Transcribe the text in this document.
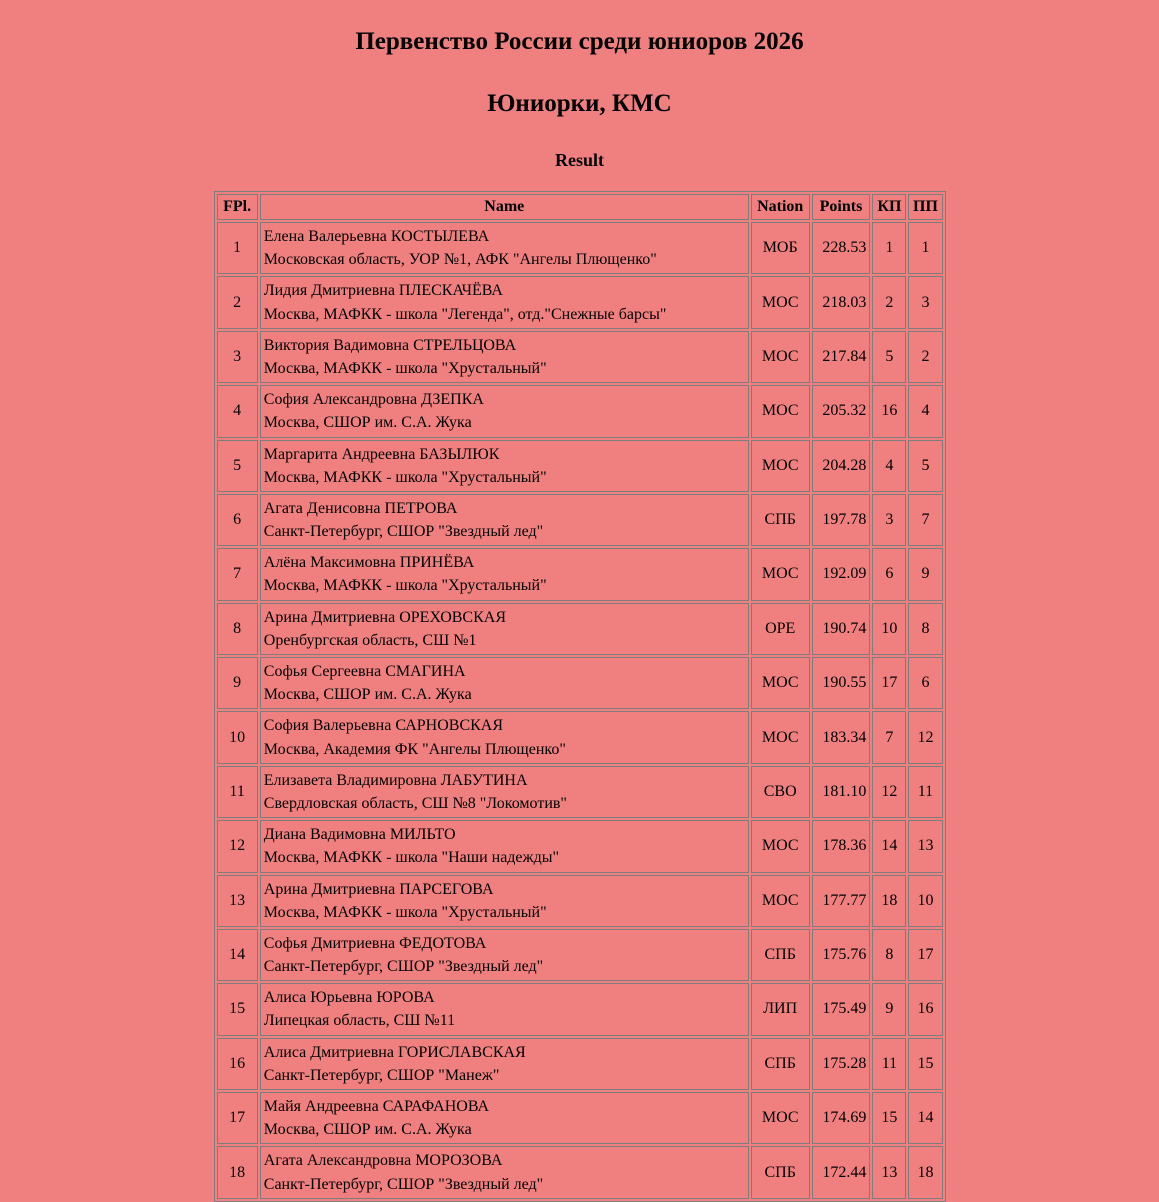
Первенство России среди юниоров 2026
Юниорки, КМС
Result
FPl.	Name	Nation	Points	КП	ПП
1	Елена Валерьевна КОСТЫЛЕВА
Московская область, УОР №1, АФК "Ангелы Плющенко"	МОБ	228.53	1	1
2	Лидия Дмитриевна ПЛЕСКАЧЁВА
Москва, МАФКК - школа "Легенда", отд."Снежные барсы"	МОС	218.03	2	3
3	Виктория Вадимовна СТРЕЛЬЦОВА
Москва, МАФКК - школа "Хрустальный"	МОС	217.84	5	2
4	София Александровна ДЗЕПКА
Москва, СШОР им. С.А. Жука	МОС	205.32	16	4
5	Маргарита Андреевна БАЗЫЛЮК
Москва, МАФКК - школа "Хрустальный"	МОС	204.28	4	5
6	Агата Денисовна ПЕТРОВА
Санкт-Петербург, СШОР "Звездный лед"	СПБ	197.78	3	7
7	Алёна Максимовна ПРИНЁВА
Москва, МАФКК - школа "Хрустальный"	МОС	192.09	6	9
8	Арина Дмитриевна ОРЕХОВСКАЯ
Оренбургская область, СШ №1	ОРЕ	190.74	10	8
9	Софья Сергеевна СМАГИНА
Москва, СШОР им. С.А. Жука	МОС	190.55	17	6
10	София Валерьевна САРНОВСКАЯ
Москва, Академия ФК "Ангелы Плющенко"	МОС	183.34	7	12
11	Елизавета Владимировна ЛАБУТИНА
Свердловская область, СШ №8 "Локомотив"	СВО	181.10	12	11
12	Диана Вадимовна МИЛЬТО
Москва, МАФКК - школа "Наши надежды"	МОС	178.36	14	13
13	Арина Дмитриевна ПАРСЕГОВА
Москва, МАФКК - школа "Хрустальный"	МОС	177.77	18	10
14	Софья Дмитриевна ФЕДОТОВА
Санкт-Петербург, СШОР "Звездный лед"	СПБ	175.76	8	17
15	Алиса Юрьевна ЮРОВА
Липецкая область, СШ №11	ЛИП	175.49	9	16
16	Алиса Дмитриевна ГОРИСЛАВСКАЯ
Санкт-Петербург, СШОР "Манеж"	СПБ	175.28	11	15
17	Майя Андреевна САРАФАНОВА
Москва, СШОР им. С.А. Жука	МОС	174.69	15	14
18	Агата Александровна МОРОЗОВА
Санкт-Петербург, СШОР "Звездный лед"	СПБ	172.44	13	18
